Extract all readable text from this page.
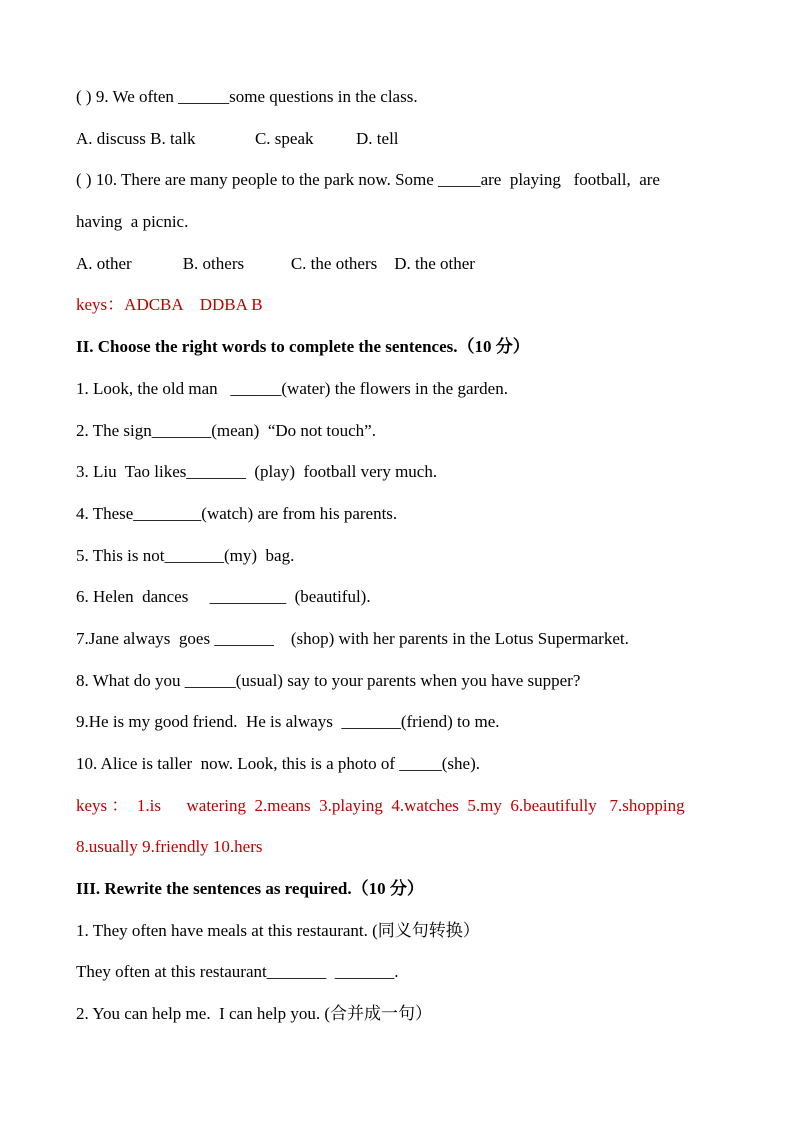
( ) 9. We often ______some questions in the class.
A. discuss B. talk              C. speak          D. tell
( ) 10. There are many people to the park now. Some _____are  playing   football,  are
having  a picnic.
A. other            B. others           C. the others    D. the other
keys：ADCBA    DDBA B
II. Choose the right words to complete the sentences.（10 分）
1. Look, the old man   ______(water) the flowers in the garden.
2. The sign_______(mean)  “Do not touch”.
3. Liu  Tao likes_______  (play)  football very much.
4. These________(watch) are from his parents.
5. This is not_______(my)  bag.
6. Helen  dances     _________  (beautiful).
7.Jane always  goes _______    (shop) with her parents in the Lotus Supermarket.
8. What do you ______(usual) say to your parents when you have supper?
9.He is my good friend.  He is always  _______(friend) to me.
10. Alice is taller  now. Look, this is a photo of _____(she).
keys ：  1.is      watering  2.means  3.playing  4.watches  5.my  6.beautifully   7.shopping
8.usually 9.friendly 10.hers
III. Rewrite the sentences as required.（10 分）
1. They often have meals at this restaurant. (同义句转换）
They often at this restaurant_______  _______.
2. You can help me.  I can help you. (合并成一句）
